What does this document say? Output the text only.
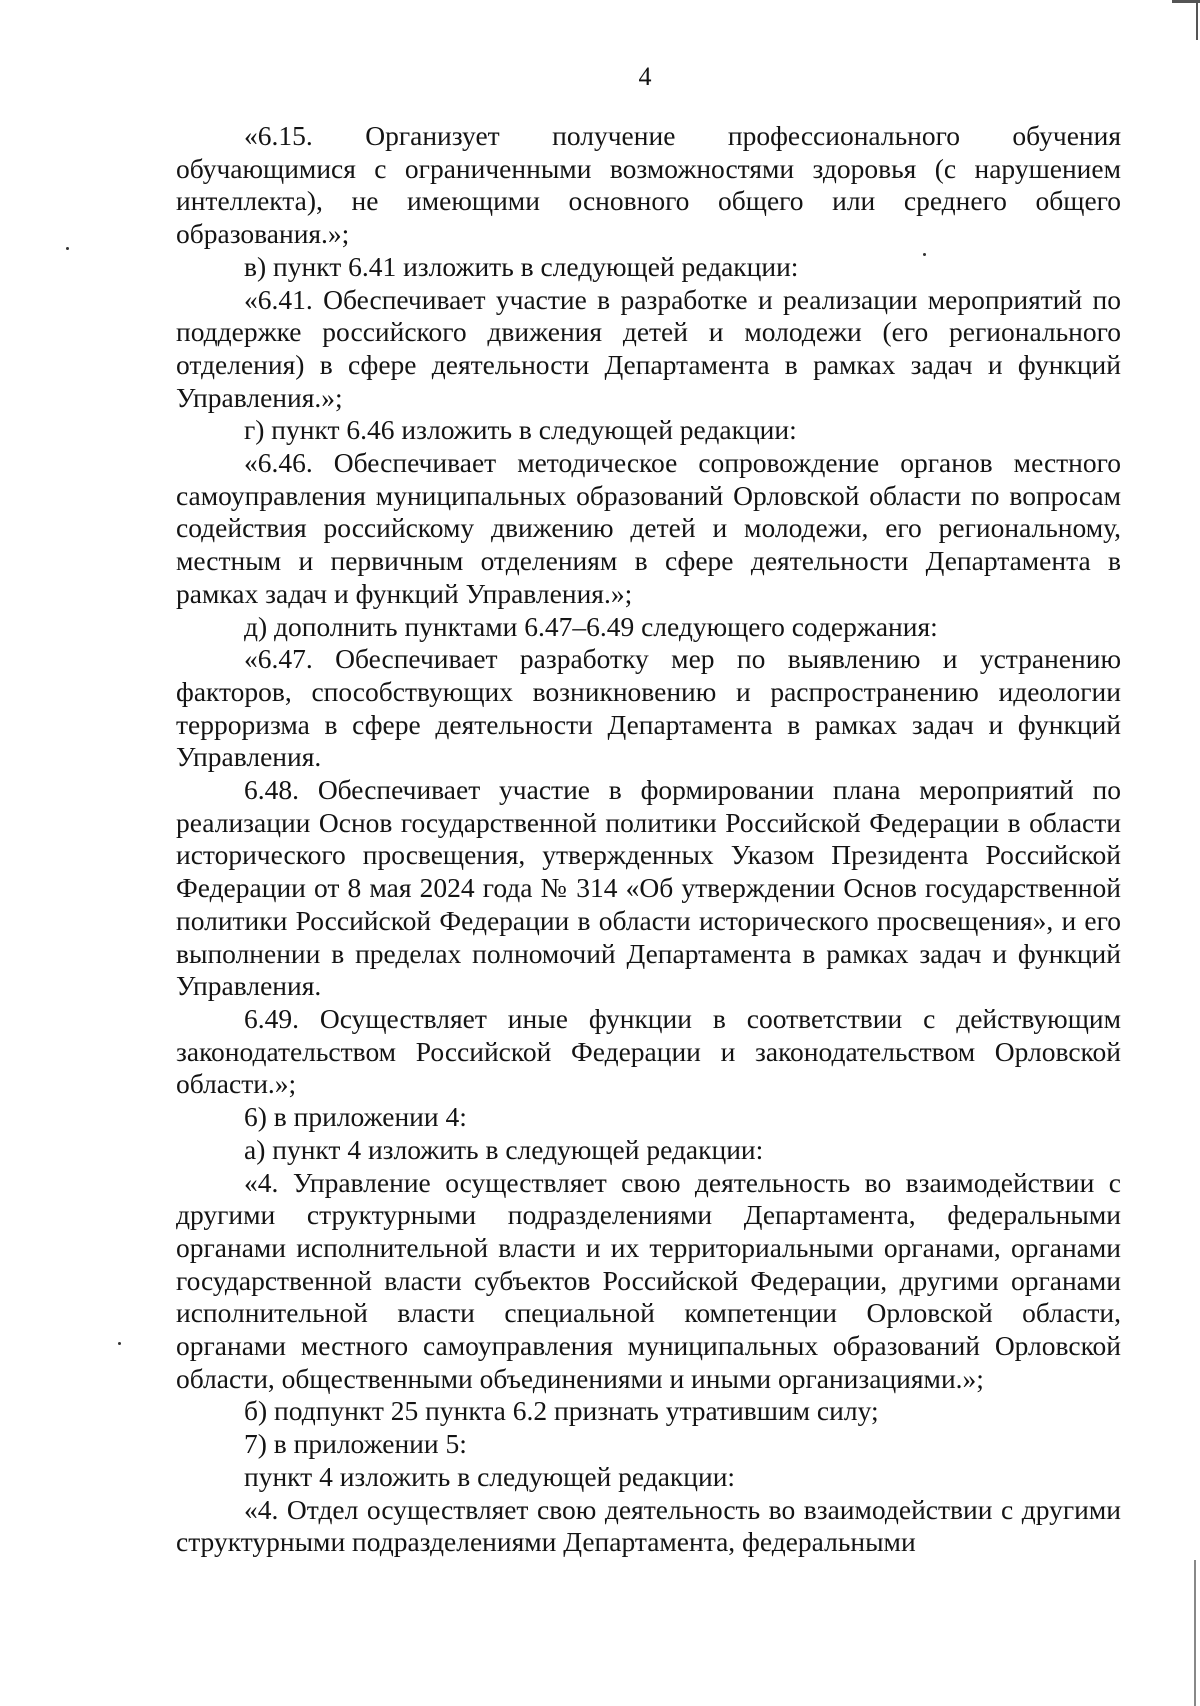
4

«6.15. Организует получение профессионального обучения обучающимися с ограниченными возможностями здоровья (с нарушением интеллекта), не имеющими основного общего или среднего общего образования.»;

в) пункт 6.41 изложить в следующей редакции:

«6.41. Обеспечивает участие в разработке и реализации мероприятий по поддержке российского движения детей и молодежи (его регионального отделения) в сфере деятельности Департамента в рамках задач и функций Управления.»;

г) пункт 6.46 изложить в следующей редакции:

«6.46. Обеспечивает методическое сопровождение органов местного самоуправления муниципальных образований Орловской области по вопросам содействия российскому движению детей и молодежи, его региональному, местным и первичным отделениям в сфере деятельности Департамента в рамках задач и функций Управления.»;

д) дополнить пунктами 6.47–6.49 следующего содержания:

«6.47. Обеспечивает разработку мер по выявлению и устранению факторов, способствующих возникновению и распространению идеологии терроризма в сфере деятельности Департамента в рамках задач и функций Управления.

6.48. Обеспечивает участие в формировании плана мероприятий по реализации Основ государственной политики Российской Федерации в области исторического просвещения, утвержденных Указом Президента Российской Федерации от 8 мая 2024 года № 314 «Об утверждении Основ государственной политики Российской Федерации в области исторического просвещения», и его выполнении в пределах полномочий Департамента в рамках задач и функций Управления.

6.49. Осуществляет иные функции в соответствии с действующим законодательством Российской Федерации и законодательством Орловской области.»;

6) в приложении 4:

а) пункт 4 изложить в следующей редакции:

«4. Управление осуществляет свою деятельность во взаимодействии с другими структурными подразделениями Департамента, федеральными органами исполнительной власти и их территориальными органами, органами государственной власти субъектов Российской Федерации, другими органами исполнительной власти специальной компетенции Орловской области, органами местного самоуправления муниципальных образований Орловской области, общественными объединениями и иными организациями.»;

б) подпункт 25 пункта 6.2 признать утратившим силу;

7) в приложении 5:

пункт 4 изложить в следующей редакции:

«4. Отдел осуществляет свою деятельность во взаимодействии с другими структурными подразделениями Департамента, федеральными
